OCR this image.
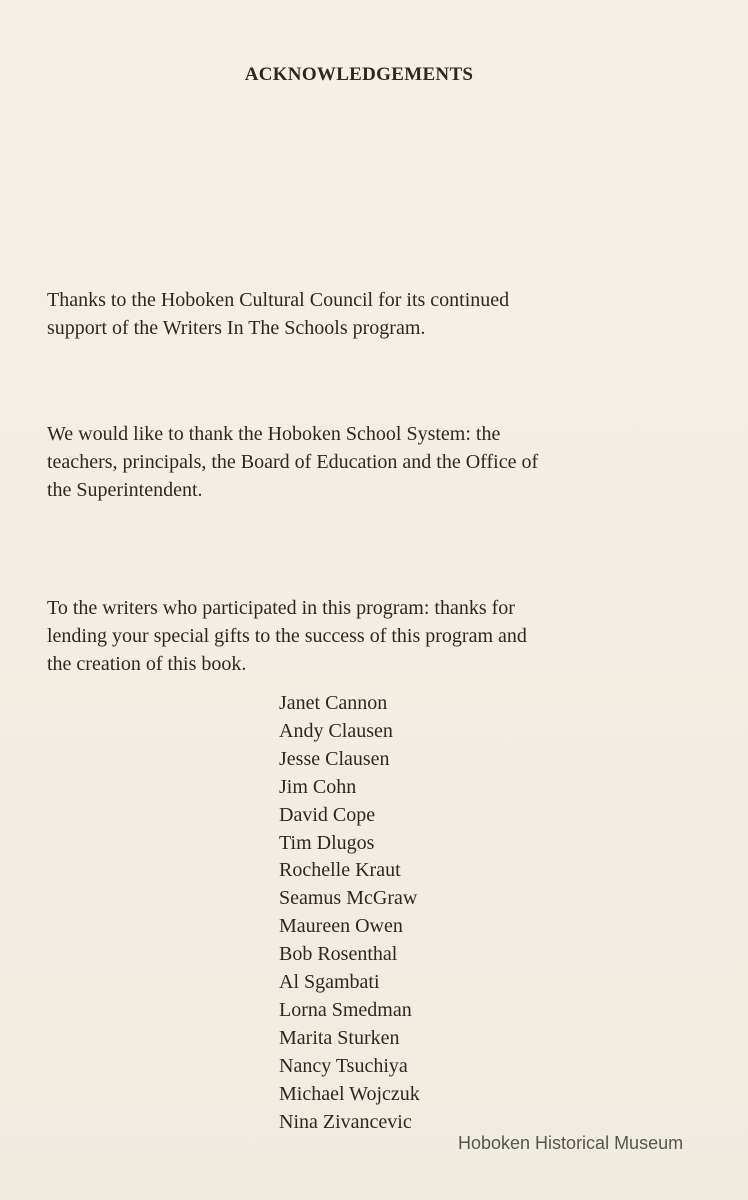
ACKNOWLEDGEMENTS

Thanks to the Hoboken Cultural Council for its continued
support of the Writers In The Schools program.

We would like to thank the Hoboken School System: the
teachers, principals, the Board of Education and the Office of
the Superintendent.

To the writers who participated in this program: thanks for
lending your special gifts to the success of this program and
the creation of this book.

Janet Cannon
Andy Clausen
Jesse Clausen
Jim Cohn
David Cope
Tim Dlugos
Rochelle Kraut
Seamus McGraw
Maureen Owen
Bob Rosenthal
Al Sgambati
Lorna Smedman
Marita Sturken
Nancy Tsuchiya
Michael Wojczuk
Nina Zivancevic
Hoboken Historical Museum
